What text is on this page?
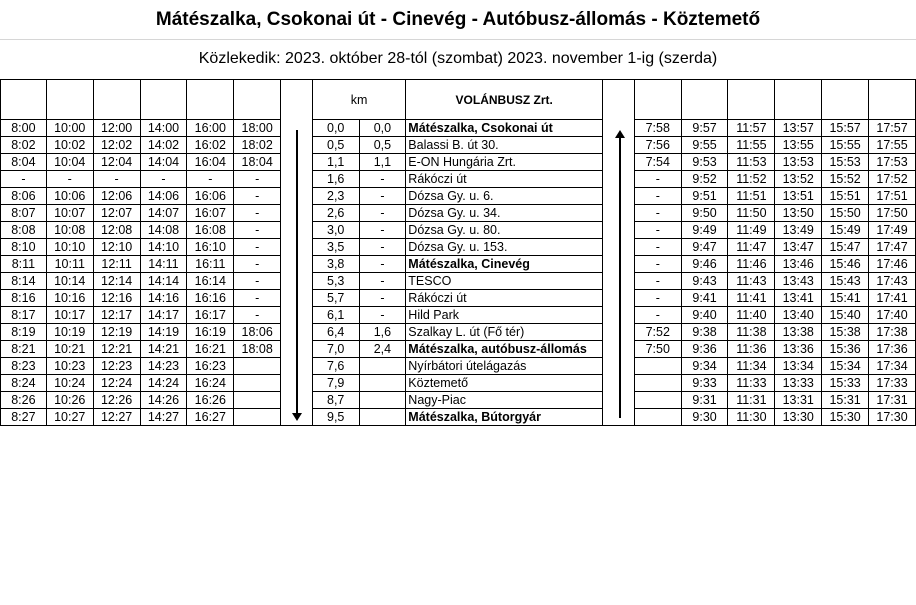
Mátészalka, Csokonai út - Cinevég - Autóbusz-állomás - Köztemető
Közlekedik: 2023. október 28-tól (szombat) 2023. november 1-ig (szerda)
							km		VOLÁNBUSZ Zrt.							
8:00	10:00	12:00	14:00	16:00	18:00		0,0	0,0	Mátészalka, Csokonai út		7:58	9:57	11:57	13:57	15:57	17:57
8:02	10:02	12:02	14:02	16:02	18:02		0,5	0,5	Balassi B. út 30.		7:56	9:55	11:55	13:55	15:55	17:55
8:04	10:04	12:04	14:04	16:04	18:04		1,1	1,1	E-ON Hungária Zrt.		7:54	9:53	11:53	13:53	15:53	17:53
-	-	-	-	-	-		1,6	-	Rákóczi út		-	9:52	11:52	13:52	15:52	17:52
8:06	10:06	12:06	14:06	16:06	-		2,3	-	Dózsa Gy. u. 6.		-	9:51	11:51	13:51	15:51	17:51
8:07	10:07	12:07	14:07	16:07	-		2,6	-	Dózsa Gy. u. 34.		-	9:50	11:50	13:50	15:50	17:50
8:08	10:08	12:08	14:08	16:08	-		3,0	-	Dózsa Gy. u. 80.		-	9:49	11:49	13:49	15:49	17:49
8:10	10:10	12:10	14:10	16:10	-		3,5	-	Dózsa Gy. u. 153.		-	9:47	11:47	13:47	15:47	17:47
8:11	10:11	12:11	14:11	16:11	-		3,8	-	Mátészalka, Cinevég		-	9:46	11:46	13:46	15:46	17:46
8:14	10:14	12:14	14:14	16:14	-		5,3	-	TESCO		-	9:43	11:43	13:43	15:43	17:43
8:16	10:16	12:16	14:16	16:16	-		5,7	-	Rákóczi út		-	9:41	11:41	13:41	15:41	17:41
8:17	10:17	12:17	14:17	16:17	-		6,1	-	Hild Park		-	9:40	11:40	13:40	15:40	17:40
8:19	10:19	12:19	14:19	16:19	18:06		6,4	1,6	Szalkay L. út (Fő tér)		7:52	9:38	11:38	13:38	15:38	17:38
8:21	10:21	12:21	14:21	16:21	18:08		7,0	2,4	Mátészalka, autóbusz-állomás		7:50	9:36	11:36	13:36	15:36	17:36
8:23	10:23	12:23	14:23	16:23			7,6		Nyírbátori útelágazás			9:34	11:34	13:34	15:34	17:34
8:24	10:24	12:24	14:24	16:24			7,9		Köztemető			9:33	11:33	13:33	15:33	17:33
8:26	10:26	12:26	14:26	16:26			8,7		Nagy-Piac			9:31	11:31	13:31	15:31	17:31
8:27	10:27	12:27	14:27	16:27			9,5		Mátészalka, Bútorgyár			9:30	11:30	13:30	15:30	17:30
